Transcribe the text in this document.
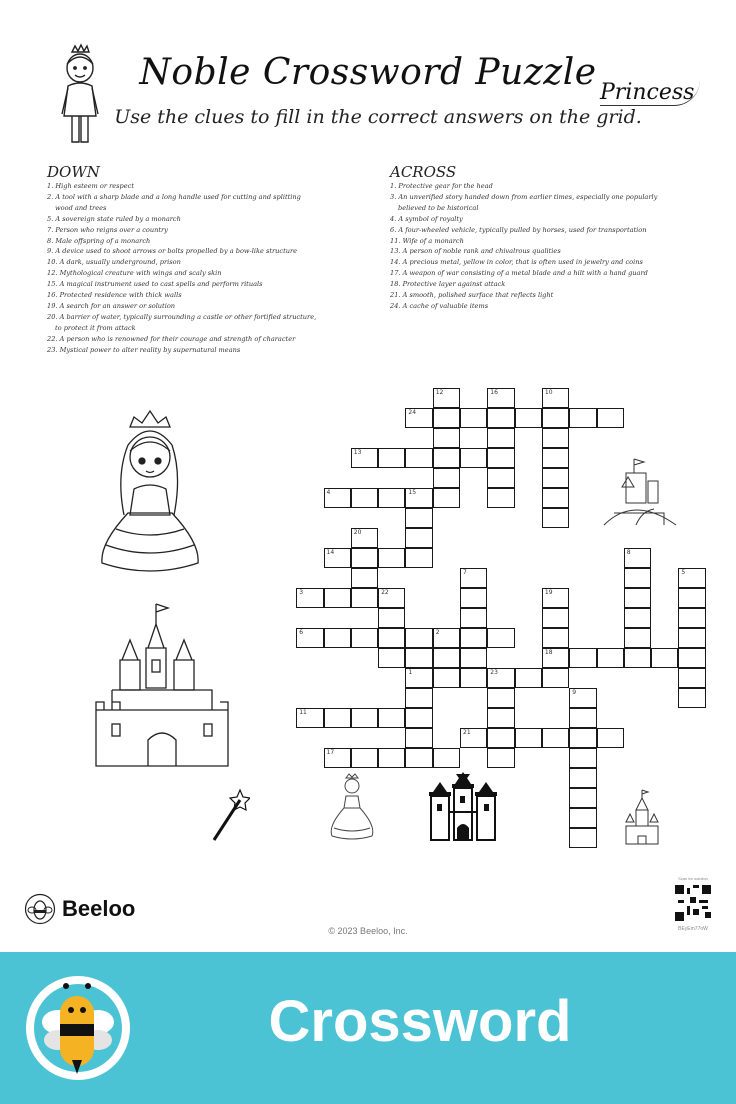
Noble Crossword Puzzle
Use the clues to fill in the correct answers on the grid.
Princess
DOWN
1. High esteem or respect
2. A tool with a sharp blade and a long handle used for cutting and splitting wood and trees
5. A sovereign state ruled by a monarch
7. Person who reigns over a country
8. Male offspring of a monarch
9. A device used to shoot arrows or bolts propelled by a bow-like structure
10. A dark, usually underground, prison
12. Mythological creature with wings and scaly skin
15. A magical instrument used to cast spells and perform rituals
16. Protected residence with thick walls
19. A search for an answer or solution
20. A barrier of water, typically surrounding a castle or other fortified structure, to protect it from attack
22. A person who is renowned for their courage and strength of character
23. Mystical power to alter reality by supernatural means
ACROSS
1. Protective gear for the head
3. An unverified story handed down from earlier times, especially one popularly believed to be historical
4. A symbol of royalty
6. A four-wheeled vehicle, typically pulled by horses, used for transportation
11. Wife of a monarch
13. A person of noble rank and chivalrous qualities
14. A precious metal, yellow in color, that is often used in jewelry and coins
17. A weapon of war consisting of a metal blade and a hilt with a hand guard
18. Protective layer against attack
21. A smooth, polished surface that reflects light
24. A cache of valuable items
12	16	10
24
13
4	15
20
14	8
5
7
3	22	19
18
6	2
1	23
9
11
21
17
Beeloo
© 2023 Beeloo, Inc.
Scan for solution
BEyEm77oW
Crossword
